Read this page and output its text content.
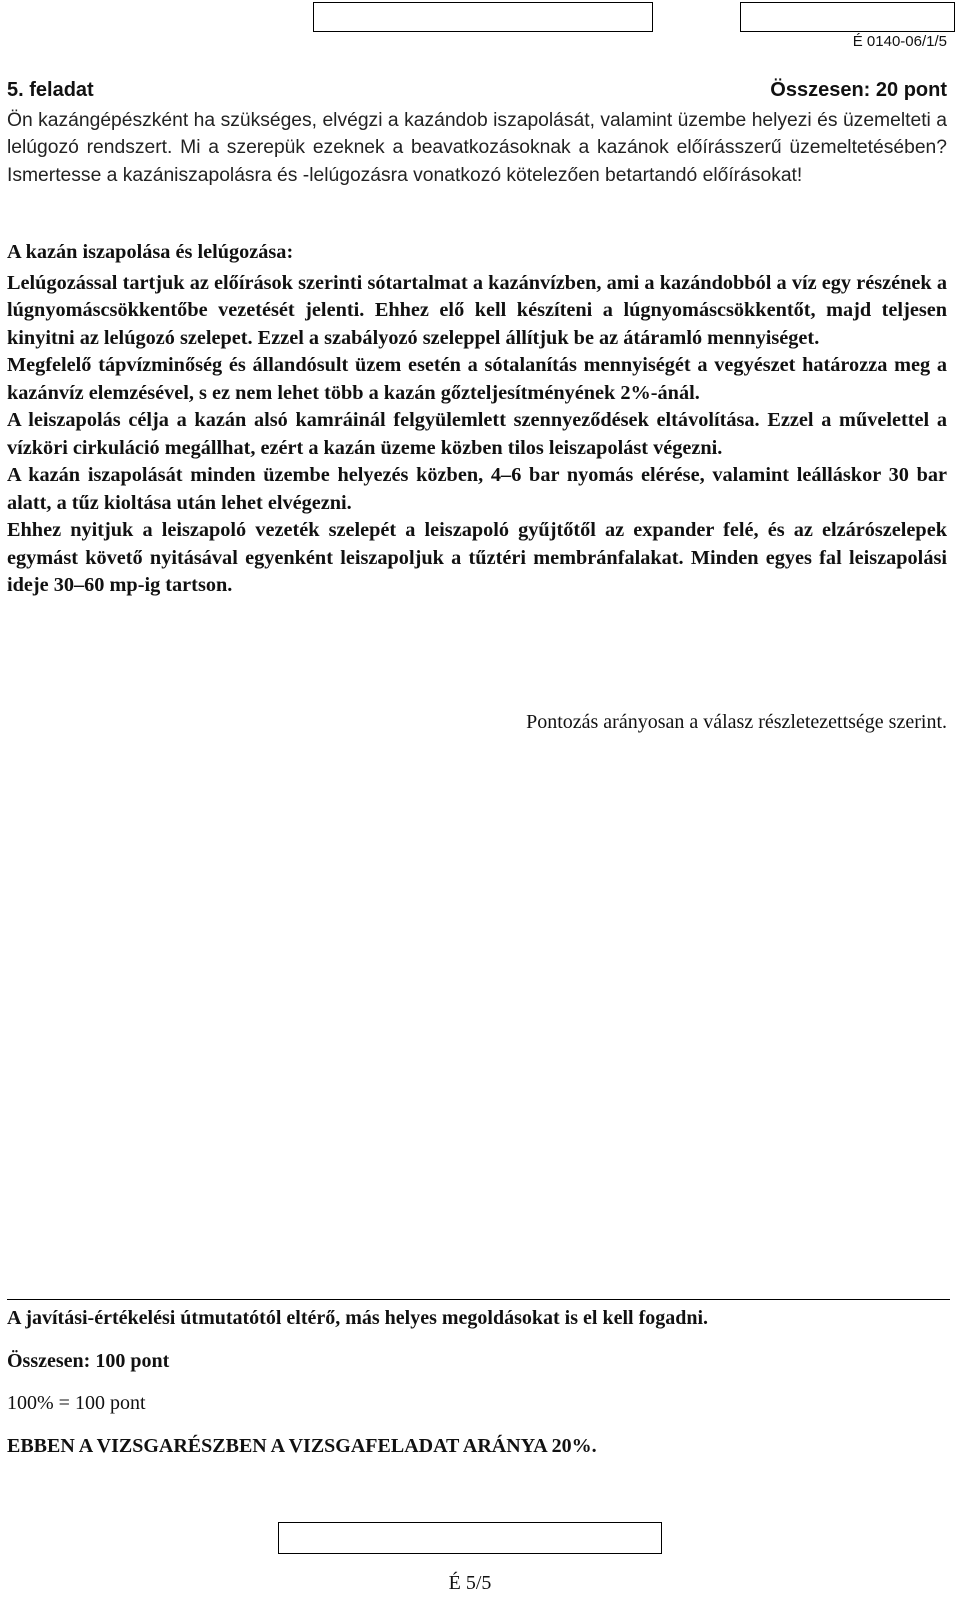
É 0140-06/1/5
5. feladat	Összesen: 20 pont
Ön kazángépészként ha szükséges, elvégzi a kazándob iszapolását, valamint üzembe helyezi és üzemelteti a lelúgozó rendszert. Mi a szerepük ezeknek a beavatkozásoknak a kazánok előírásszerű üzemeltetésében? Ismertesse a kazániszapolásra és -lelúgozásra vonatkozó kötelezően betartandó előírásokat!

A kazán iszapolása és lelúgozása:

Lelúgozással tartjuk az előírások szerinti sótartalmat a kazánvízben, ami a kazándobból a víz egy részének a lúgnyomáscsökkentőbe vezetését jelenti. Ehhez elő kell készíteni a lúgnyomáscsökkentőt, majd teljesen kinyitni az lelúgozó szelepet. Ezzel a szabályozó szeleppel állítjuk be az átáramló mennyiséget.

Megfelelő tápvízminőség és állandósult üzem esetén a sótalanítás mennyiségét a vegyészet határozza meg a kazánvíz elemzésével, s ez nem lehet több a kazán gőzteljesítményének 2%-ánál.

A leiszapolás célja a kazán alsó kamráinál felgyülemlett szennyeződések eltávolítása. Ezzel a művelettel a vízköri cirkuláció megállhat, ezért a kazán üzeme közben tilos leiszapolást végezni.

A kazán iszapolását minden üzembe helyezés közben, 4–6 bar nyomás elérése, valamint leálláskor 30 bar alatt, a tűz kioltása után lehet elvégezni.

Ehhez nyitjuk a leiszapoló vezeték szelepét a leiszapoló gyűjtőtől az expander felé, és az elzárószelepek egymást követő nyitásával egyenként leiszapoljuk a tűztéri membránfalakat. Minden egyes fal leiszapolási ideje 30–60 mp-ig tartson.

Pontozás arányosan a válasz részletezettsége szerint.
A javítási-értékelési útmutatótól eltérő, más helyes megoldásokat is el kell fogadni.
Összesen: 100 pont
100% = 100 pont
EBBEN A VIZSGARÉSZBEN A VIZSGAFELADAT ARÁNYA 20%.
É 5/5
